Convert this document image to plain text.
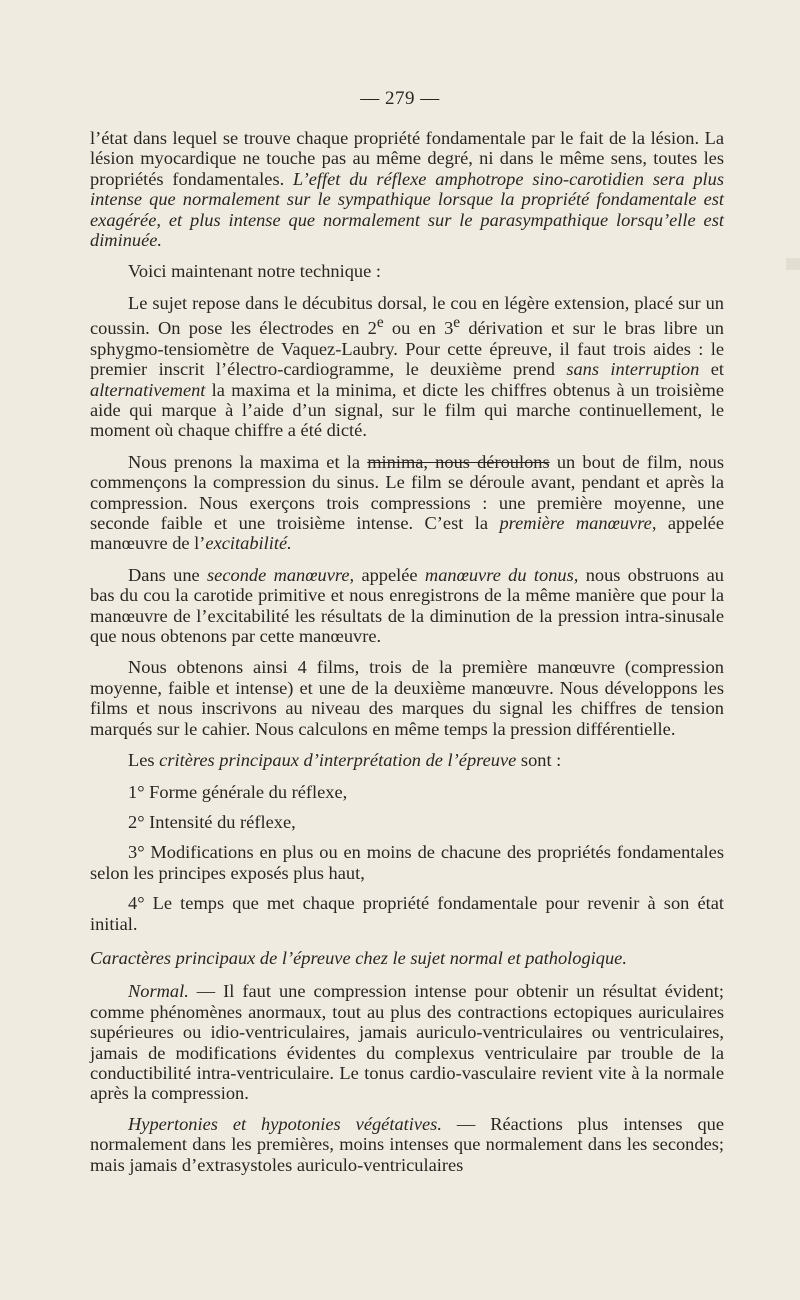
— 279 —

l’état dans lequel se trouve chaque propriété fondamentale par le fait de la lésion. La lésion myocardique ne touche pas au même degré, ni dans le même sens, toutes les propriétés fondamentales. L’effet du réflexe amphotrope sino-carotidien sera plus intense que normalement sur le sympathique lorsque la propriété fondamentale est exagérée, et plus intense que normalement sur le parasympathique lorsqu’elle est diminuée.

Voici maintenant notre technique :

Le sujet repose dans le décubitus dorsal, le cou en légère extension, placé sur un coussin. On pose les électrodes en 2e ou en 3e dérivation et sur le bras libre un sphygmo-tensiomètre de Vaquez-Laubry. Pour cette épreuve, il faut trois aides : le premier inscrit l’électro-cardiogramme, le deuxième prend sans interruption et alternativement la maxima et la minima, et dicte les chiffres obtenus à un troisième aide qui marque à l’aide d’un signal, sur le film qui marche continuellement, le moment où chaque chiffre a été dicté.

Nous prenons la maxima et la minima, nous déroulons un bout de film, nous commençons la compression du sinus. Le film se déroule avant, pendant et après la compression. Nous exerçons trois compressions : une première moyenne, une seconde faible et une troisième intense. C’est la première manœuvre, appelée manœuvre de l’excitabilité.

Dans une seconde manœuvre, appelée manœuvre du tonus, nous obstruons au bas du cou la carotide primitive et nous enregistrons de la même manière que pour la manœuvre de l’excitabilité les résultats de la diminution de la pression intra-sinusale que nous obtenons par cette manœuvre.

Nous obtenons ainsi 4 films, trois de la première manœuvre (compression moyenne, faible et intense) et une de la deuxième manœuvre. Nous développons les films et nous inscrivons au niveau des marques du signal les chiffres de tension marqués sur le cahier. Nous calculons en même temps la pression différentielle.

Les critères principaux d’interprétation de l’épreuve sont :

1° Forme générale du réflexe,

2° Intensité du réflexe,

3° Modifications en plus ou en moins de chacune des propriétés fondamentales selon les principes exposés plus haut,

4° Le temps que met chaque propriété fondamentale pour revenir à son état initial.

Caractères principaux de l’épreuve chez le sujet normal et pathologique.

Normal. — Il faut une compression intense pour obtenir un résultat évident; comme phénomènes anormaux, tout au plus des contractions ectopiques auriculaires supérieures ou idio-ventriculaires, jamais auriculo-ventriculaires ou ventriculaires, jamais de modifications évidentes du complexus ventriculaire par trouble de la conductibilité intra-ventriculaire. Le tonus cardio-vasculaire revient vite à la normale après la compression.

Hypertonies et hypotonies végétatives. — Réactions plus intenses que normalement dans les premières, moins intenses que normalement dans les secondes; mais jamais d’extrasystoles auriculo-ventriculaires
